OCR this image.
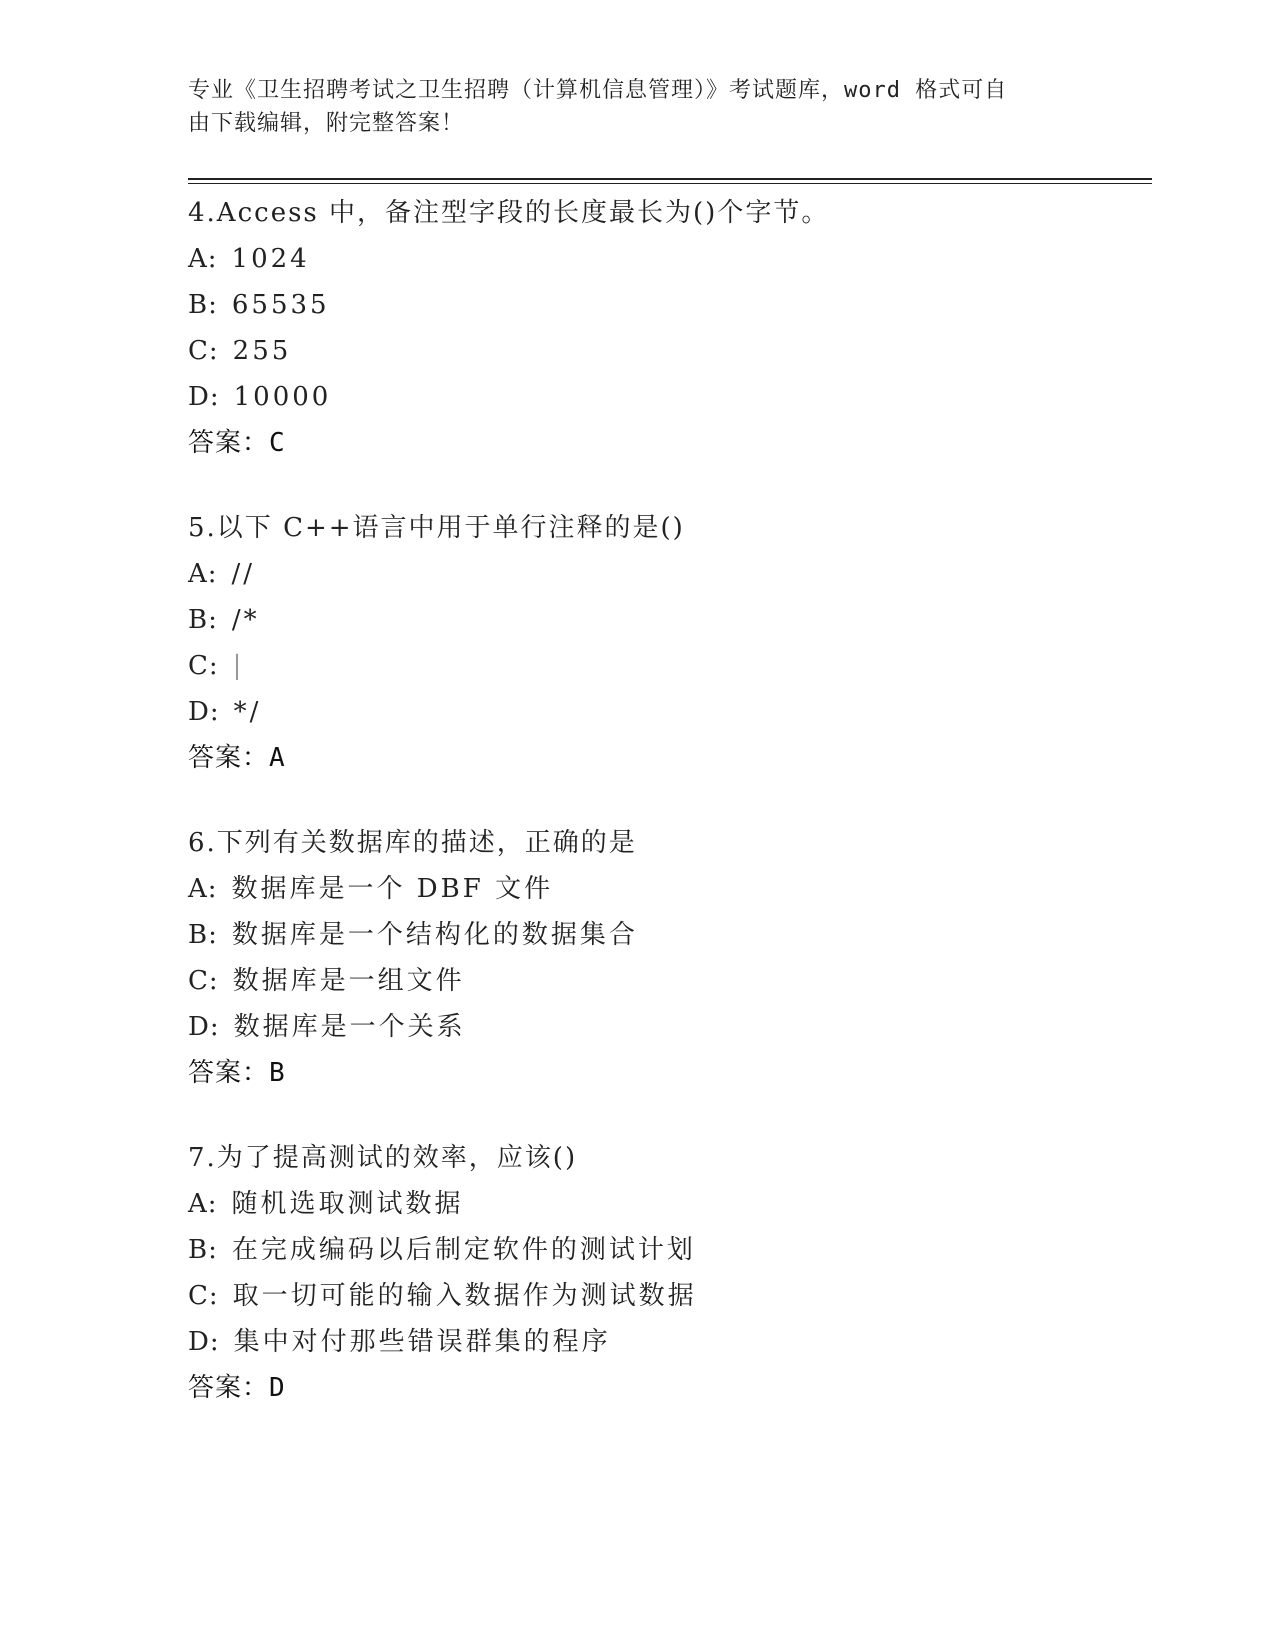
专业《卫生招聘考试之卫生招聘（计算机信息管理）》考试题库，word 格式可自
由下载编辑，附完整答案！
4.Access 中，备注型字段的长度最长为()个字节。
A: 1024
B: 65535
C: 255
D: 10000
答案：C
5.以下 C++语言中用于单行注释的是()
A: //
B: /*
C: |
D: */
答案：A
6.下列有关数据库的描述，正确的是
A: 数据库是一个 DBF 文件
B: 数据库是一个结构化的数据集合
C: 数据库是一组文件
D: 数据库是一个关系
答案：B
7.为了提高测试的效率，应该()
A: 随机选取测试数据
B: 在完成编码以后制定软件的测试计划
C: 取一切可能的输入数据作为测试数据
D: 集中对付那些错误群集的程序
答案：D
